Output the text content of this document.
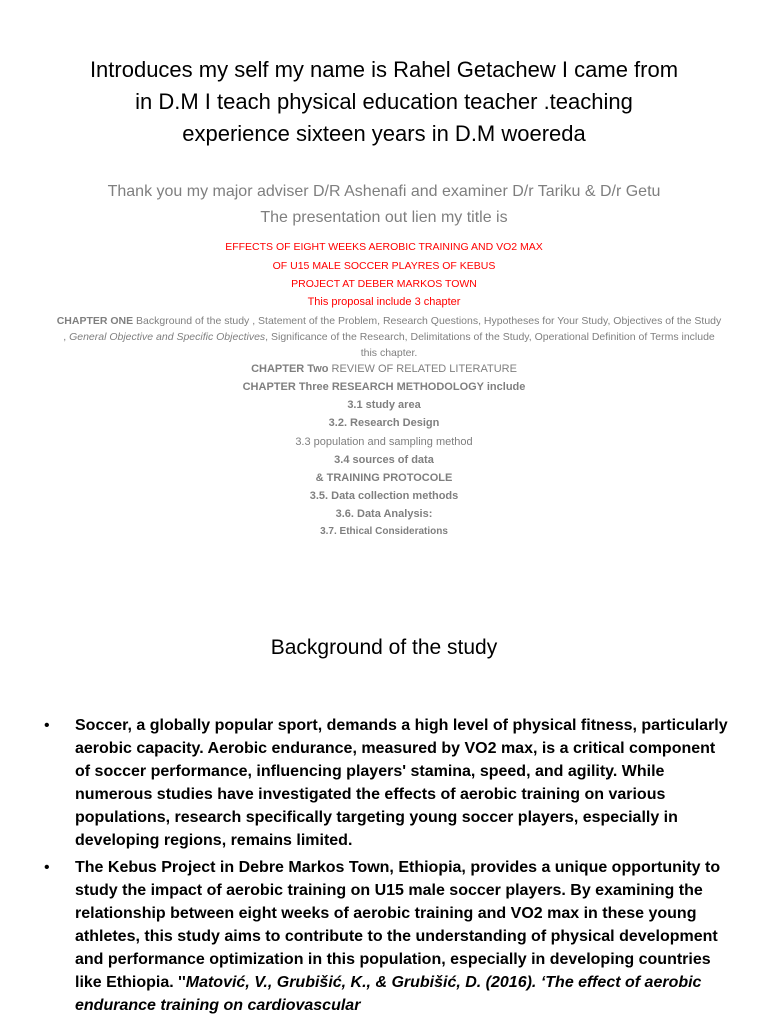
Introduces my self my name is Rahel Getachew I came from
in D.M I teach physical education teacher .teaching
experience sixteen years in D.M woereda
Thank you my major adviser D/R Ashenafi and examiner D/r Tariku & D/r Getu
The presentation out lien my title is
EFFECTS OF EIGHT WEEKS AEROBIC TRAINING AND VO2 MAX
OF U15 MALE SOCCER PLAYRES OF KEBUS
PROJECT AT DEBER MARKOS TOWN
This proposal include 3 chapter
CHAPTER ONE Background of the study , Statement of the Problem, Research Questions, Hypotheses for Your Study, Objectives of the Study , General Objective and Specific Objectives, Significance of the Research, Delimitations of the Study, Operational Definition of Terms include this chapter.
CHAPTER Two REVIEW OF RELATED LITERATURE
CHAPTER Three RESEARCH METHODOLOGY include
3.1 study area
3.2. Research Design
3.3 population and sampling method
3.4 sources of data
& TRAINING PROTOCOLE
3.5. Data collection methods
3.6. Data Analysis:
3.7. Ethical Considerations
Background of the study
• Soccer, a globally popular sport, demands a high level of physical fitness, particularly aerobic capacity. Aerobic endurance, measured by VO2 max, is a critical component of soccer performance, influencing players' stamina, speed, and agility. While numerous studies have investigated the effects of aerobic training on various populations, research specifically targeting young soccer players, especially in developing regions, remains limited.
• The Kebus Project in Debre Markos Town, Ethiopia, provides a unique opportunity to study the impact of aerobic training on U15 male soccer players. By examining the relationship between eight weeks of aerobic training and VO2 max in these young athletes, this study aims to contribute to the understanding of physical development and performance optimization in this population, especially in developing countries like Ethiopia. ''Matović, V., Grubišić, K., & Grubišić, D. (2016). ‘The effect of aerobic endurance training on cardiovascular
